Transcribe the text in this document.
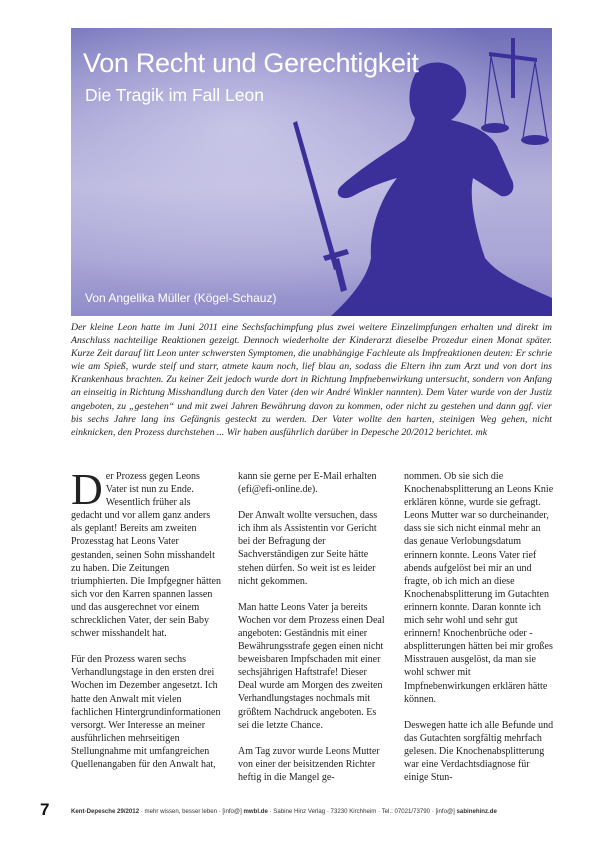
Von Recht und Gerechtigkeit
Die Tragik im Fall Leon
Von Angelika Müller (Kögel-Schauz)
Der kleine Leon hatte im Juni 2011 eine Sechsfachimpfung plus zwei weitere Einzelimpfungen erhalten und direkt im Anschluss nachteilige Reaktionen gezeigt. Dennoch wiederholte der Kinderarzt dieselbe Prozedur einen Monat später. Kurze Zeit darauf litt Leon unter schwersten Symptomen, die unabhängige Fachleute als Impfreaktionen deuten: Er schrie wie am Spieß, wurde steif und starr, atmete kaum noch, lief blau an, sodass die Eltern ihn zum Arzt und von dort ins Krankenhaus brachten. Zu keiner Zeit jedoch wurde dort in Richtung Impfnebenwirkung untersucht, sondern von Anfang an einseitig in Richtung Misshandlung durch den Vater (den wir André Winkler nannten). Dem Vater wurde von der Justiz angeboten, zu „gestehen“ und mit zwei Jahren Bewährung davon zu kommen, oder nicht zu gestehen und dann ggf. vier bis sechs Jahre lang ins Gefängnis gesteckt zu werden. Der Vater wollte den harten, steinigen Weg gehen, nicht einknicken, den Prozess durchstehen ... Wir haben ausführlich darüber in Depesche 20/2012 berichtet. mk

Der Prozess gegen Leons Vater ist nun zu Ende. Wesentlich früher als gedacht und vor allem ganz anders als geplant! Bereits am zweiten Prozesstag hat Leons Vater gestanden, seinen Sohn misshandelt zu haben. Die Zeitungen triumphierten. Die Impfgegner hätten sich vor den Karren spannen lassen und das ausgerechnet vor einem schrecklichen Vater, der sein Baby schwer misshandelt hat.

Für den Prozess waren sechs Verhandlungstage in den ersten drei Wochen im Dezember angesetzt. Ich hatte den Anwalt mit vielen fachlichen Hintergrundinformationen versorgt. Wer Interesse an meiner ausführlichen mehrseitigen Stellungnahme mit umfangreichen Quellenangaben für den Anwalt hat,

kann sie gerne per E-Mail erhalten (efi@efi-online.de).

Der Anwalt wollte versuchen, dass ich ihm als Assistentin vor Gericht bei der Befragung der Sachverständigen zur Seite hätte stehen dürfen. So weit ist es leider nicht gekommen.

Man hatte Leons Vater ja bereits Wochen vor dem Prozess einen Deal angeboten: Geständnis mit einer Bewährungsstrafe gegen einen nicht beweisbaren Impfschaden mit einer sechsjährigen Haftstrafe! Dieser Deal wurde am Morgen des zweiten Verhandlungstages nochmals mit größtem Nachdruck angeboten. Es sei die letzte Chance.

Am Tag zuvor wurde Leons Mutter von einer der beisitzenden Richter heftig in die Mangel ge-

nommen. Ob sie sich die Knochenabsplitterung an Leons Knie erklären könne, wurde sie gefragt. Leons Mutter war so durcheinander, dass sie sich nicht einmal mehr an das genaue Verlobungsdatum erinnern konnte. Leons Vater rief abends aufgelöst bei mir an und fragte, ob ich mich an diese Knochenabsplitterung im Gutachten erinnern konnte. Daran konnte ich mich sehr wohl und sehr gut erinnern! Knochenbrüche oder -absplitterungen hätten bei mir großes Misstrauen ausgelöst, da man sie wohl schwer mit Impfnebenwirkungen erklären hätte können.

Deswegen hatte ich alle Befunde und das Gutachten sorgfältig mehrfach gelesen. Die Knochenabsplitterung war eine Verdachtsdiagnose für einige Stun-

7	Kent-Depesche 29/2012 · mehr wissen, besser leben · [info@] mwbl.de · Sabine Hinz Verlag · 73230 Kirchheim · Tel.: 07021/73790 · [info@] sabinehinz.de
